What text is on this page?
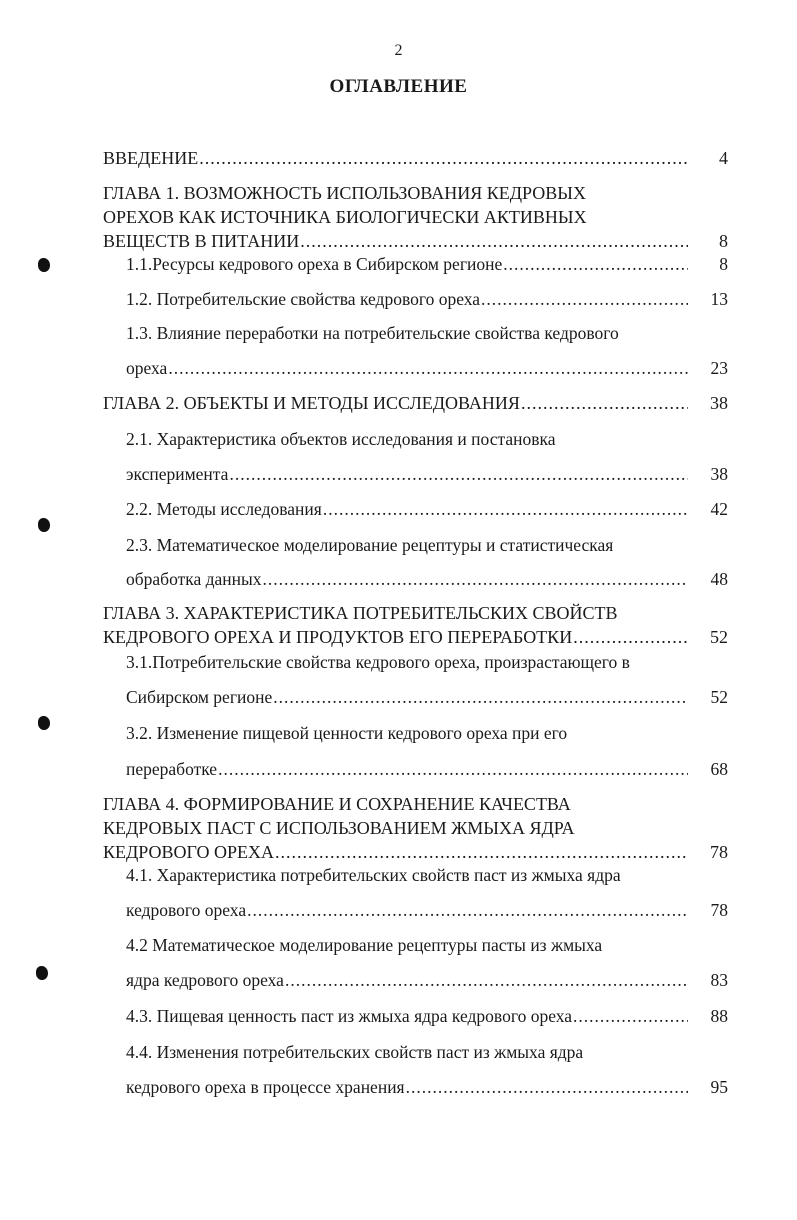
2
ОГЛАВЛЕНИЕ
ВВЕДЕНИЕ .....	4
ГЛАВА 1. ВОЗМОЖНОСТЬ ИСПОЛЬЗОВАНИЯ КЕДРОВЫХ
ОРЕХОВ КАК ИСТОЧНИКА БИОЛОГИЧЕСКИ АКТИВНЫХ
ВЕЩЕСТВ В ПИТАНИИ .....	8
1.1.Ресурсы кедрового ореха в Сибирском регионе .....	8
1.2. Потребительские свойства кедрового ореха .....	13
1.3. Влияние переработки на потребительские свойства кедрового
ореха .....	23
ГЛАВА 2. ОБЪЕКТЫ И МЕТОДЫ ИССЛЕДОВАНИЯ .....	38
2.1. Характеристика объектов исследования и постановка
эксперимента .....	38
2.2. Методы исследования .....	42
2.3. Математическое моделирование рецептуры и статистическая
обработка данных .....	48
ГЛАВА 3. ХАРАКТЕРИСТИКА ПОТРЕБИТЕЛЬСКИХ СВОЙСТВ
КЕДРОВОГО ОРЕХА И ПРОДУКТОВ ЕГО ПЕРЕРАБОТКИ .....	52
3.1.Потребительские свойства кедрового ореха, произрастающего в
Сибирском регионе .....	52
3.2. Изменение пищевой ценности кедрового ореха при его
переработке .....	68
ГЛАВА 4. ФОРМИРОВАНИЕ И СОХРАНЕНИЕ КАЧЕСТВА
КЕДРОВЫХ ПАСТ С ИСПОЛЬЗОВАНИЕМ ЖМЫХА ЯДРА
КЕДРОВОГО ОРЕХА .....	78
4.1. Характеристика потребительских свойств паст из жмыха ядра
кедрового ореха .....	78
4.2 Математическое моделирование рецептуры пасты из жмыха
ядра кедрового ореха .....	83
4.3. Пищевая ценность паст из жмыха ядра кедрового ореха .....	88
4.4. Изменения потребительских свойств паст из жмыха ядра
кедрового ореха в процессе хранения .....	95
